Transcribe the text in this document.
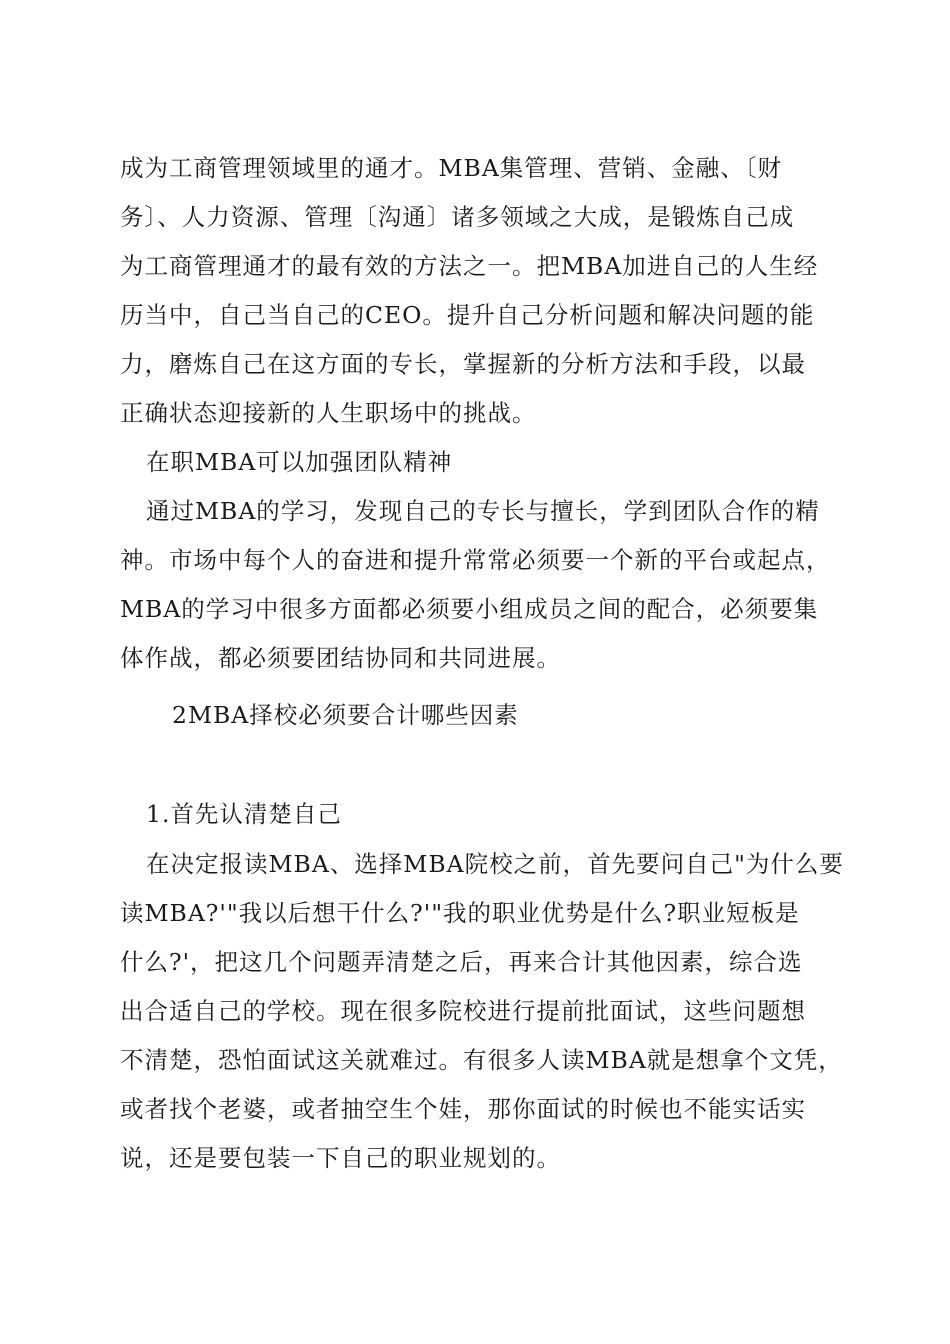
成为工商管理领域里的通才。MBA集管理、营销、金融、〔财
务〕、人力资源、管理〔沟通〕诸多领域之大成，是锻炼自己成
为工商管理通才的最有效的方法之一。把MBA加进自己的人生经
历当中，自己当自己的CEO。提升自己分析问题和解决问题的能
力，磨炼自己在这方面的专长，掌握新的分析方法和手段，以最
正确状态迎接新的人生职场中的挑战。
在职MBA可以加强团队精神
通过MBA的学习，发现自己的专长与擅长，学到团队合作的精
神。市场中每个人的奋进和提升常常必须要一个新的平台或起点，
MBA的学习中很多方面都必须要小组成员之间的配合，必须要集
体作战，都必须要团结协同和共同进展。
2MBA择校必须要合计哪些因素
1.首先认清楚自己
在决定报读MBA、选择MBA院校之前，首先要问自己"为什么要
读MBA?'"我以后想干什么?'"我的职业优势是什么?职业短板是
什么?'，把这几个问题弄清楚之后，再来合计其他因素，综合选
出合适自己的学校。现在很多院校进行提前批面试，这些问题想
不清楚，恐怕面试这关就难过。有很多人读MBA就是想拿个文凭，
或者找个老婆，或者抽空生个娃，那你面试的时候也不能实话实
说，还是要包装一下自己的职业规划的。
